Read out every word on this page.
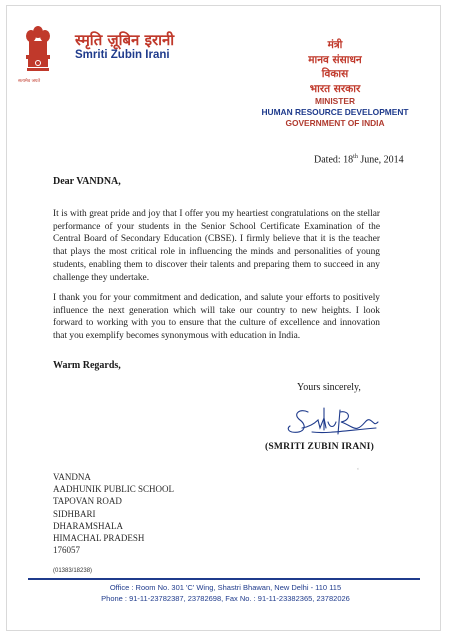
सत्यमेव जयते
स्मृति ज़ूबिन इरानी
Smriti Zubin Irani
मंत्री
मानव संसाधन
विकास
भारत सरकार
MINISTER
HUMAN RESOURCE DEVELOPMENT
GOVERNMENT OF INDIA
Dated: 18th June, 2014
Dear VANDNA,
It is with great pride and joy that I offer you my heartiest congratulations on the stellar performance of your students in the Senior School Certificate Examination of the Central Board of Secondary Education (CBSE). I firmly believe that it is the teacher that plays the most critical role in influencing the minds and personalities of young students, enabling them to discover their talents and preparing them to succeed in any challenge they undertake.
I thank you for your commitment and dedication, and salute your efforts to positively influence the next generation which will take our country to new heights. I look forward to working with you to ensure that the culture of excellence and innovation that you exemplify becomes synonymous with education in India.
Warm Regards,
Yours sincerely,
(SMRITI ZUBIN IRANI)
‘
VANDNA
AADHUNIK PUBLIC SCHOOL
TAPOVAN ROAD
SIDHBARI
DHARAMSHALA
HIMACHAL PRADESH
176057
(01383/18238)
Office : Room No. 301 'C' Wing, Shastri Bhawan, New Delhi - 110 115
Phone : 91-11-23782387, 23782698, Fax No. : 91-11-23382365, 23782026
